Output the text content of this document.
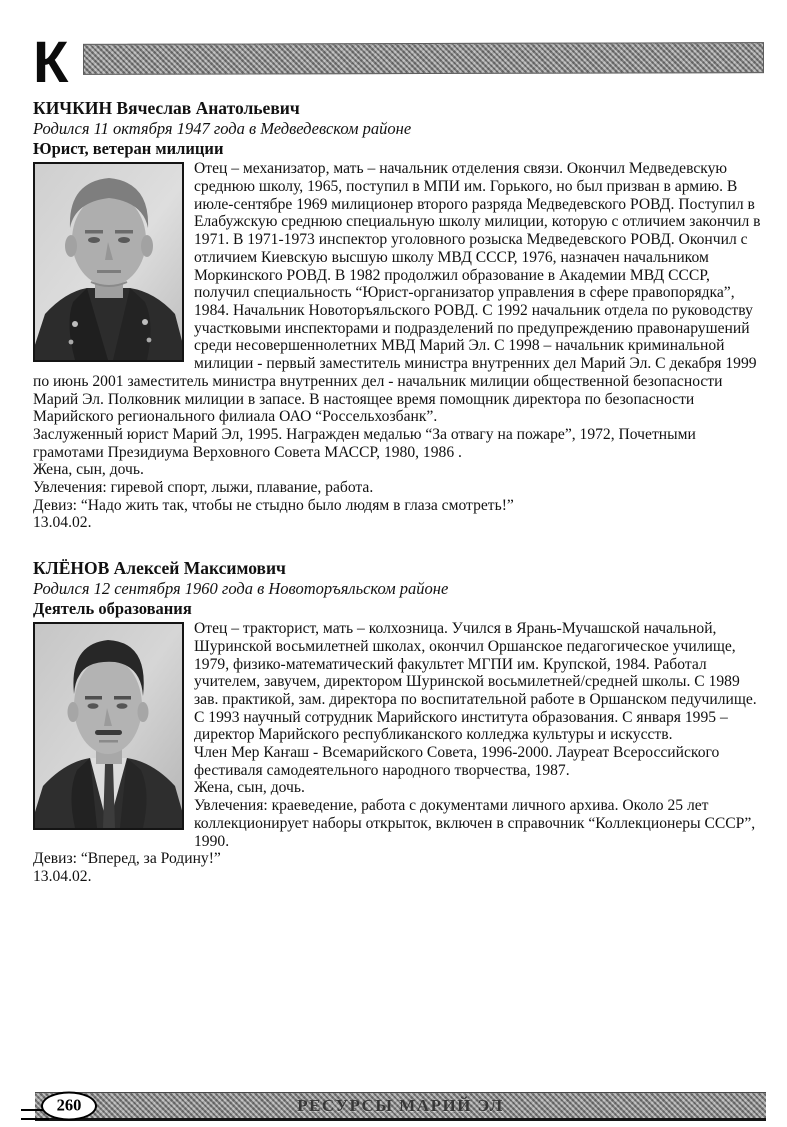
К
КИЧКИН Вячеслав Анатольевич
Родился 11 октября 1947 года в Медведевском районе
Юрист, ветеран милиции

Отец – механизатор, мать – начальник отделения связи. Окончил Медведевскую среднюю школу, 1965, поступил в МПИ им. Горького, но был призван в армию. В июле-сентябре 1969 милиционер второго разряда Медведевского РОВД. Поступил в Елабужскую среднюю специальную школу милиции, которую с отличием закончил в 1971. В 1971-1973 инспектор уголовного розыска Медведевского РОВД. Окончил с отличием Киевскую высшую школу МВД СССР, 1976, назначен начальником Моркинского РОВД. В 1982 продолжил образование в Академии МВД СССР, получил специальность “Юрист-организатор управления в сфере правопорядка”, 1984. Начальник Новоторъяльского РОВД. С 1992 начальник отдела по руководству участковыми инспекторами и подразделений по предупреждению правонарушений среди несовершеннолетних МВД Марий Эл. С 1998 – начальник криминальной милиции - первый заместитель министра внутренних дел Марий Эл. С декабря 1999 по июнь 2001 заместитель министра внутренних дел - начальник милиции общественной безопасности Марий Эл. Полковник милиции в запасе. В настоящее время помощник директора по безопасности Марийского регионального филиала ОАО “Россельхозбанк”.

Заслуженный юрист Марий Эл, 1995. Награжден медалью “За отвагу на пожаре”, 1972, Почетными грамотами Президиума Верховного Совета МАССР, 1980, 1986 .

Жена, сын, дочь.

Увлечения: гиревой спорт, лыжи, плавание, работа.

Девиз: “Надо жить так, чтобы не стыдно было людям в глаза смотреть!”

13.04.02.

КЛЁНОВ Алексей Максимович
Родился 12 сентября 1960 года в Новоторъяльском районе
Деятель образования

Отец – тракторист, мать – колхозница. Учился в Ярань-Мучашской начальной, Шуринской восьмилетней школах, окончил Оршанское педагогическое училище, 1979, физико-математический факультет МГПИ им. Крупской, 1984. Работал учителем, завучем, директором Шуринской восьмилетней/средней школы. С 1989 зав. практикой, зам. директора по воспитательной работе в Оршанском педучилище. С 1993 научный сотрудник Марийского института образования. С января 1995 – директор Марийского республиканского колледжа культуры и искусств.

Член Мер Каҥаш - Всемарийского Совета, 1996-2000. Лауреат Всероссийского фестиваля самодеятельного народного творчества, 1987.

Жена, сын, дочь.

Увлечения: краеведение, работа с документами личного архива. Около 25 лет коллекционирует наборы открыток, включен в справочник “Коллекционеры СССР”, 1990.

Девиз: “Вперед, за Родину!”

13.04.02.

РЕСУРСЫ МАРИЙ ЭЛ
260
